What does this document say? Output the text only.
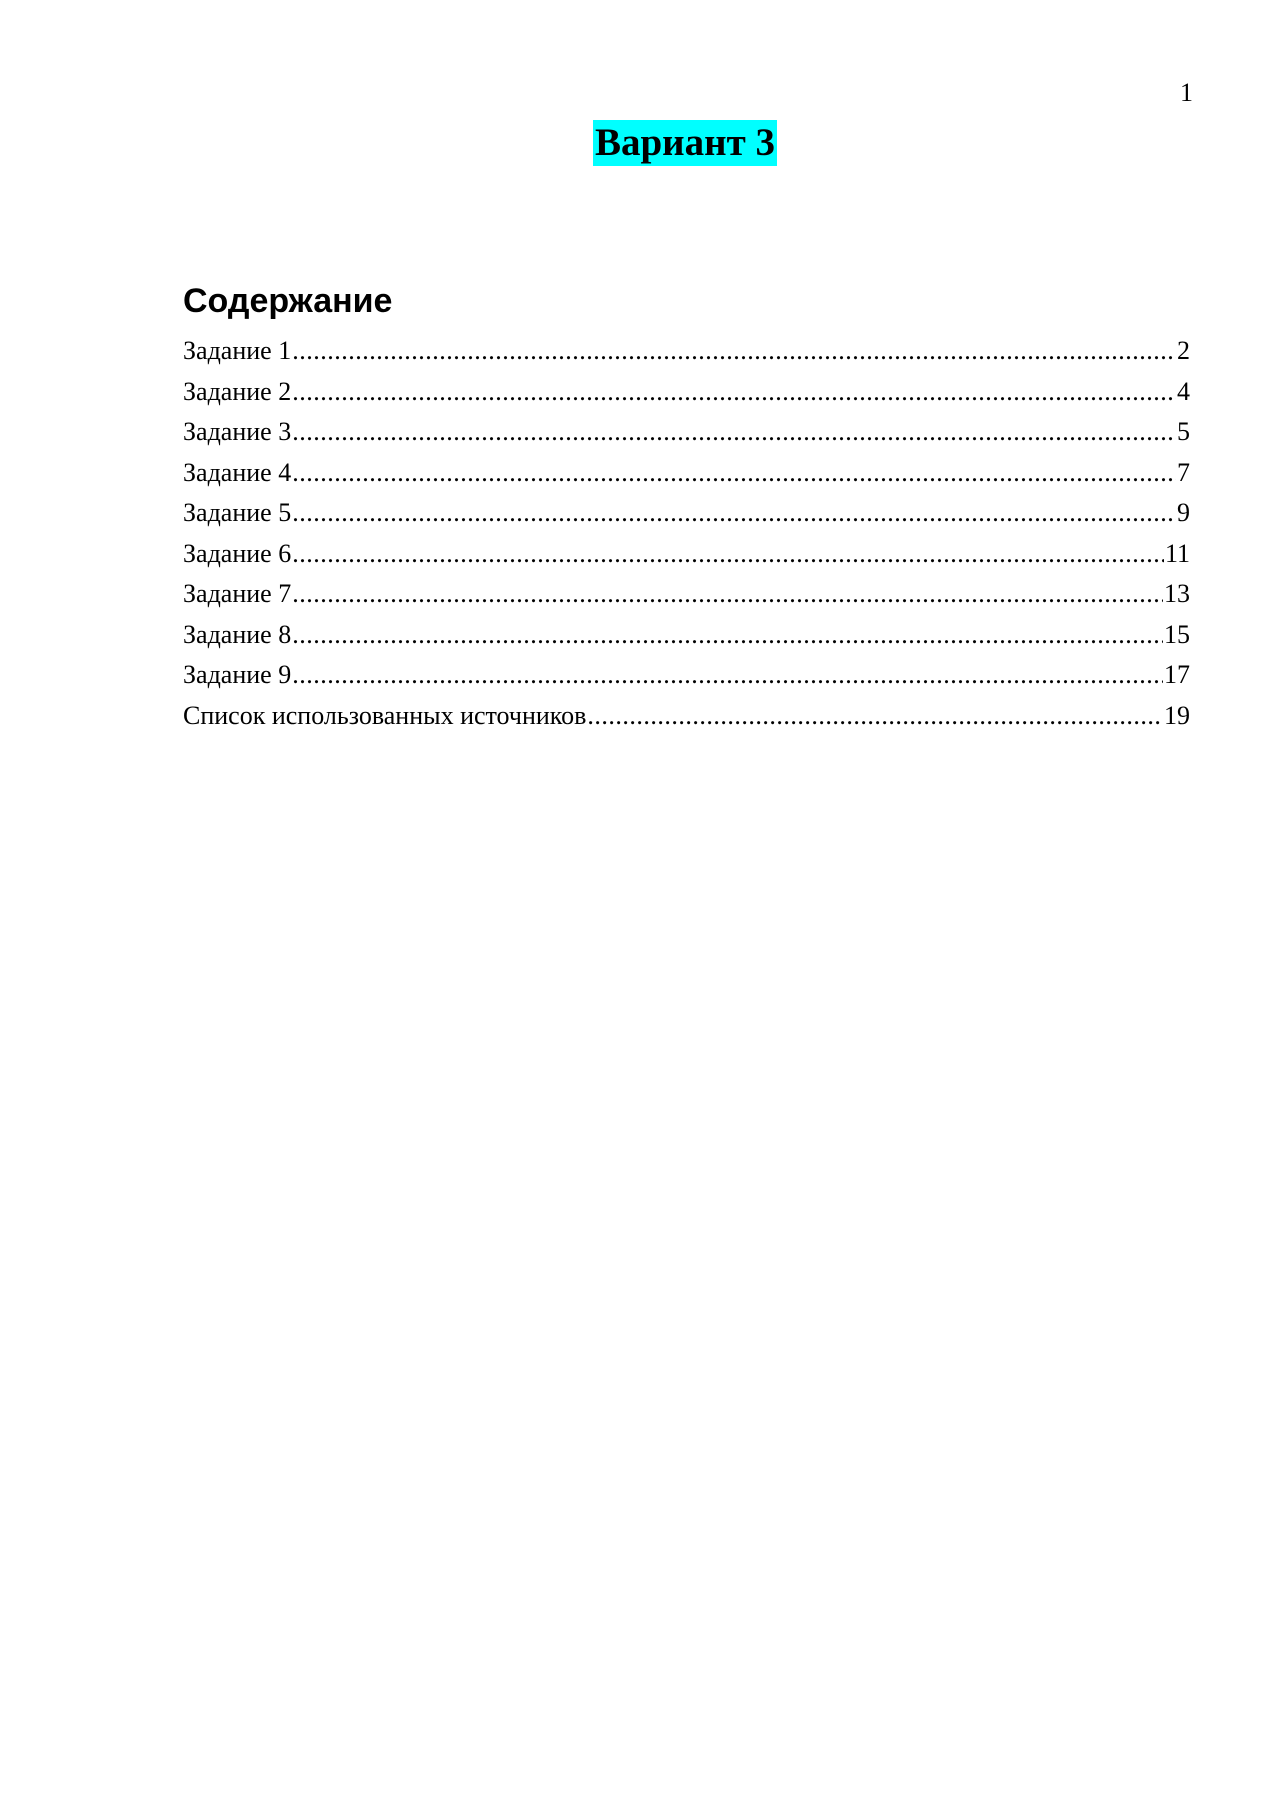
1
Вариант 3
Содержание
Задание 1 .....	2
Задание 2 .....	4
Задание 3 .....	5
Задание 4 .....	7
Задание 5 .....	9
Задание 6 .....	11
Задание 7 .....	13
Задание 8 .....	15
Задание 9 .....	17
Список использованных источников .....	19
